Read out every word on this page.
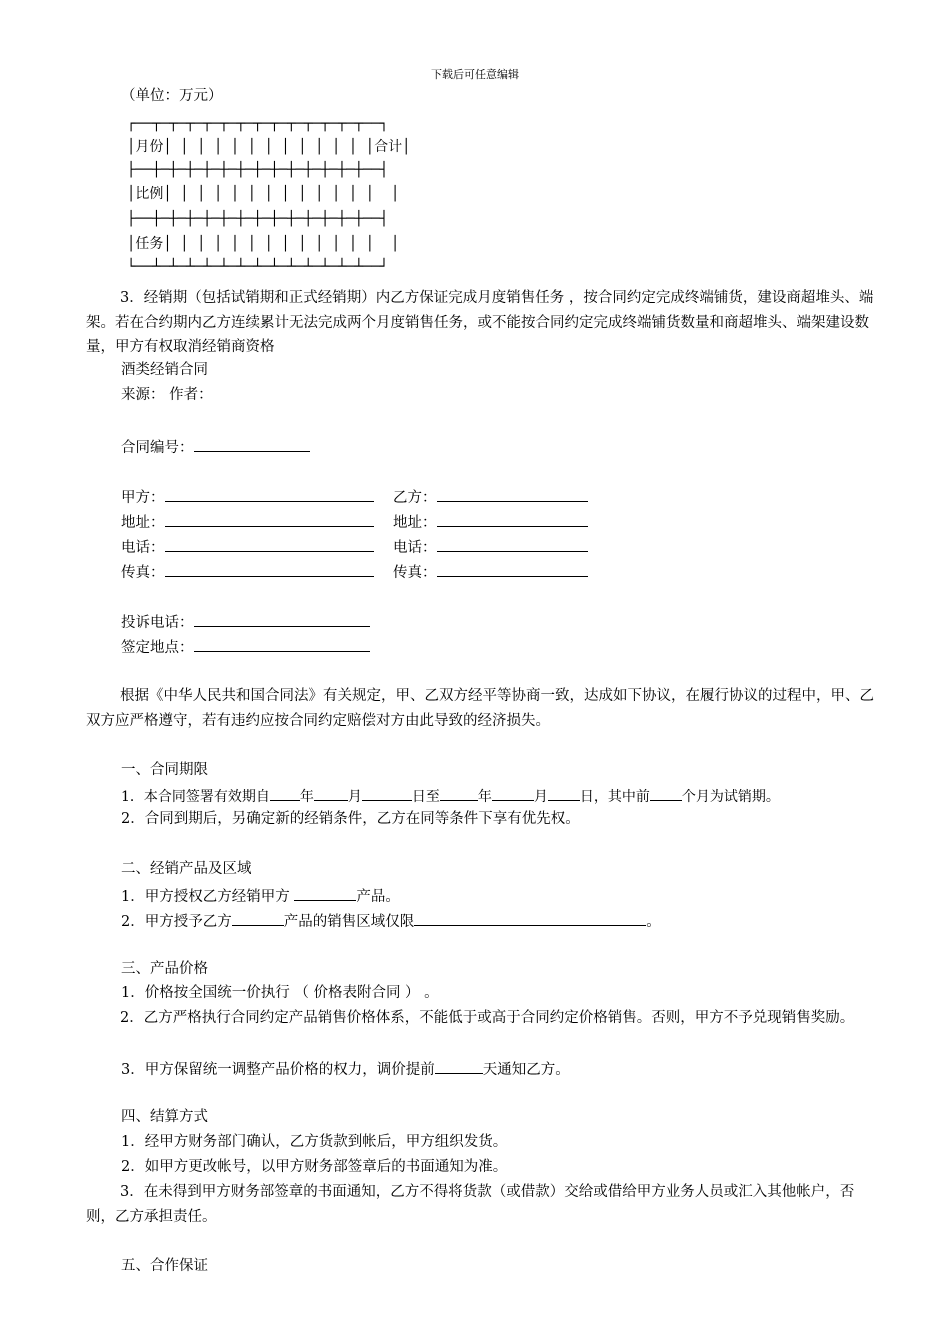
下载后可任意编辑
（单位：万元）
┌──┬─┬─┬─┬─┬─┬─┬─┬─┬─┬─┬─┬─┬──┐
│月份│ │ │ │ │ │ │ │ │ │ │ │ │合计│
├──┼─┼─┼─┼─┼─┼─┼─┼─┼─┼─┼─┼─┼──┤
│比例│ │ │ │ │ │ │ │ │ │ │ │ │  │
├──┼─┼─┼─┼─┼─┼─┼─┼─┼─┼─┼─┼─┼──┤
│任务│ │ │ │ │ │ │ │ │ │ │ │ │  │
└──┴─┴─┴─┴─┴─┴─┴─┴─┴─┴─┴─┴─┴──┘
3．经销期（包括试销期和正式经销期）内乙方保证完成月度销售任务 ，按合同约定完成终端铺货，建设商超堆头、端架。若在合约期内乙方连续累计无法完成两个月度销售任务，或不能按合同约定完成终端铺货数量和商超堆头、端架建设数量，甲方有权取消经销商资格
酒类经销合同
来源： 作者：
合同编号：
甲方：	乙方：
地址：	地址：
电话：	电话：
传真：	传真：
投诉电话：
签定地点：
根据《中华人民共和国合同法》有关规定，甲、乙双方经平等协商一致，达成如下协议，在履行协议的过程中，甲、乙双方应严格遵守，若有违约应按合同约定赔偿对方由此导致的经济损失。
一、合同期限
1．本合同签署有效期自 年 月	日至	年	月 日，其中前 个月为试销期。
2．合同到期后，另确定新的经销条件，乙方在同等条件下享有优先权。
二、经销产品及区域
1．甲方授权乙方经销甲方	产品。
2．甲方授予乙方	产品的销售区域仅限	。
三、产品价格
1．价格按全国统一价执行 （ 价格表附合同 ） 。
2．乙方严格执行合同约定产品销售价格体系，不能低于或高于合同约定价格销售。否则，甲方不予兑现销售奖励。
3．甲方保留统一调整产品价格的权力，调价提前	天通知乙方。
四、结算方式
1．经甲方财务部门确认，乙方货款到帐后，甲方组织发货。
2．如甲方更改帐号，以甲方财务部签章后的书面通知为准。
3．在未得到甲方财务部签章的书面通知，乙方不得将货款（或借款）交给或借给甲方业务人员或汇入其他帐户，否则，乙方承担责任。
五、合作保证
